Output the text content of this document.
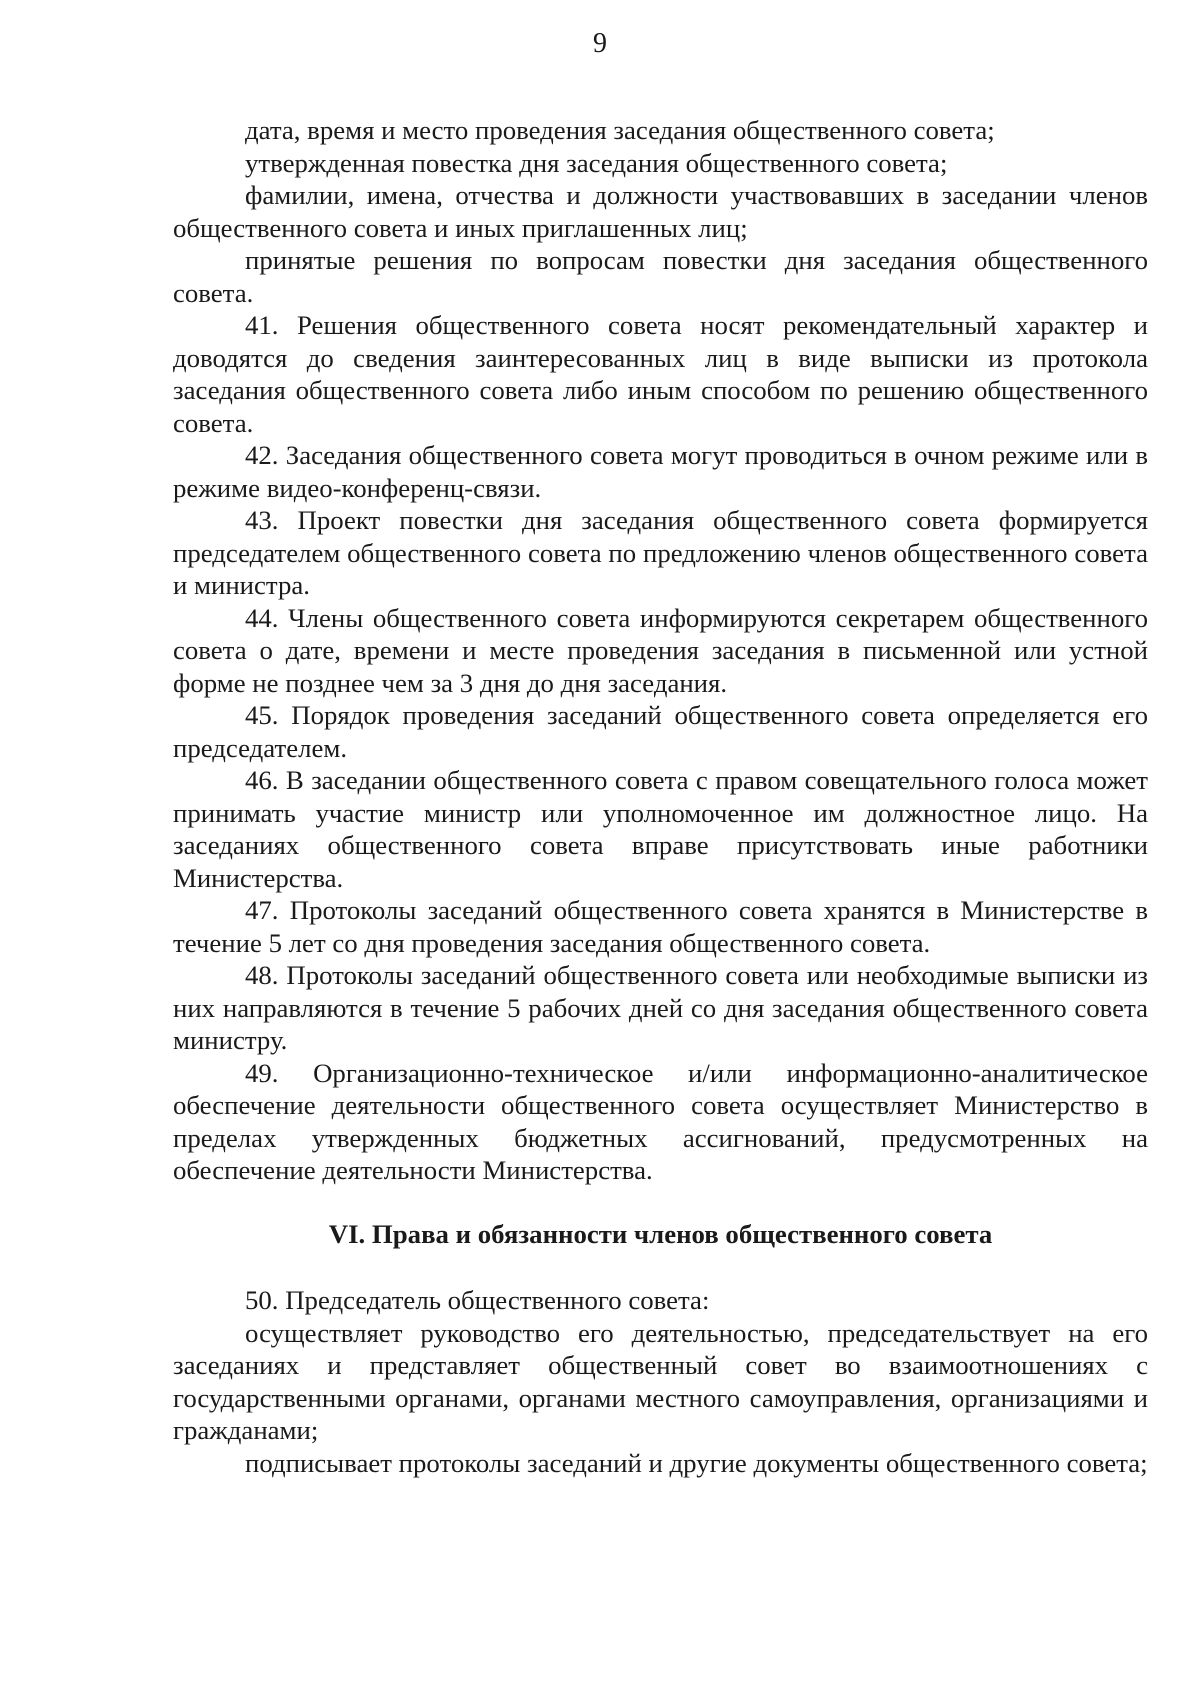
9

дата, время и место проведения заседания общественного совета;

утвержденная повестка дня заседания общественного совета;

фамилии, имена, отчества и должности участвовавших в заседании членов общественного совета и иных приглашенных лиц;

принятые решения по вопросам повестки дня заседания общественного совета.

41. Решения общественного совета носят рекомендательный характер и доводятся до сведения заинтересованных лиц в виде выписки из протокола заседания общественного совета либо иным способом по решению общественного совета.

42. Заседания общественного совета могут проводиться в очном режиме или в режиме видео-конференц-связи.

43. Проект повестки дня заседания общественного совета формируется председателем общественного совета по предложению членов общественного совета и министра.

44. Члены общественного совета информируются секретарем общественного совета о дате, времени и месте проведения заседания в письменной или устной форме не позднее чем за 3 дня до дня заседания.

45. Порядок проведения заседаний общественного совета определяется его председателем.

46. В заседании общественного совета с правом совещательного голоса может принимать участие министр или уполномоченное им должностное лицо. На заседаниях общественного совета вправе присутствовать иные работники Министерства.

47. Протоколы заседаний общественного совета хранятся в Министерстве в течение 5 лет со дня проведения заседания общественного совета.

48. Протоколы заседаний общественного совета или необходимые выписки из них направляются в течение 5 рабочих дней со дня заседания общественного совета министру.

49. Организационно-техническое и/или информационно-аналитическое обеспечение деятельности общественного совета осуществляет Министерство в пределах утвержденных бюджетных ассигнований, предусмотренных на обеспечение деятельности Министерства.

VI. Права и обязанности членов общественного совета

50. Председатель общественного совета:

осуществляет руководство его деятельностью, председательствует на его заседаниях и представляет общественный совет во взаимоотношениях с государственными органами, органами местного самоуправления, организациями и гражданами;

подписывает протоколы заседаний и другие документы общественного совета;
